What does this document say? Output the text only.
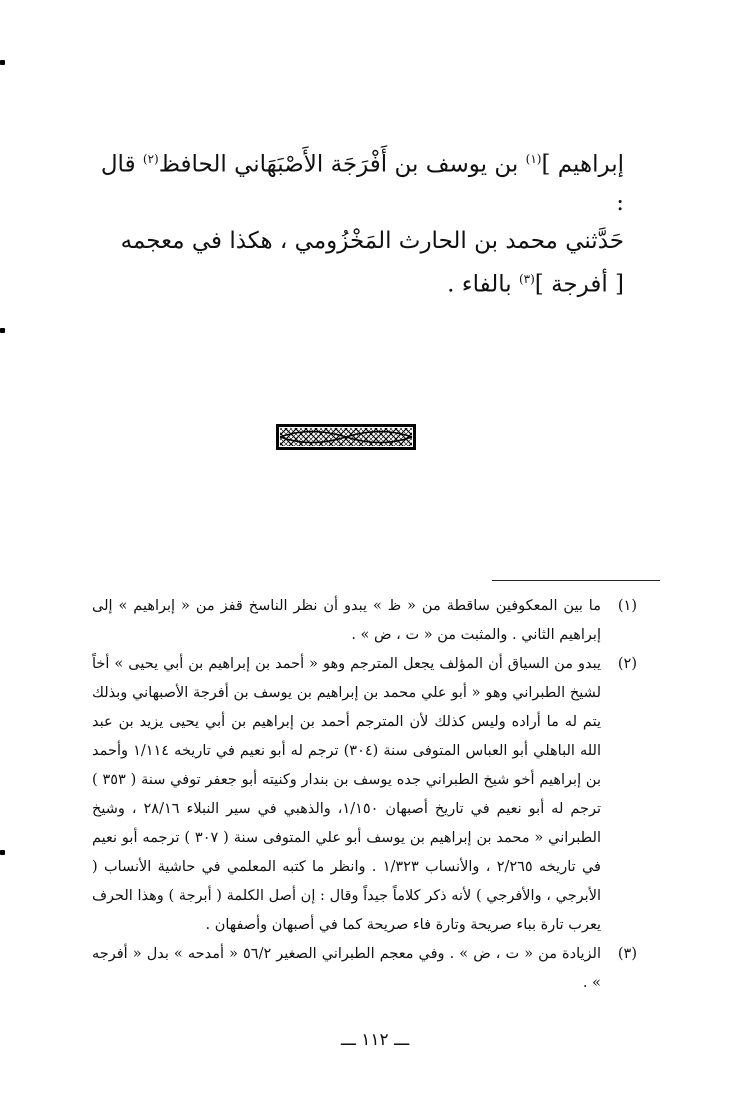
إبراهيم ]$^{(١)}$ بن يوسف بن أَفْرَجَة الأَصْبَهَاني الحافظ$^{(٢)}$ قال :

حَدَّثني محمد بن الحارث المَخْزُومي ، هكذا في معجمه

[ أفرجة ]$^{(٣)}$ بالفاء .

(١)
ما بين المعكوفين ساقطة من « ظ » يبدو أن نظر الناسخ قفز من « إبراهيم » إلى إبراهيم الثاني . والمثبت من « ت ، ض » .
(٢)
يبدو من السياق أن المؤلف يجعل المترجم وهو « أحمد بن إبراهيم بن أبي يحيى » أخاً لشيخ الطبراني وهو « أبو علي محمد بن إبراهيم بن يوسف بن أفرجة الأصبهاني وبذلك يتم له ما أراده وليس كذلك لأن المترجم أحمد بن إبراهيم بن أبي يحيى يزيد بن عبد الله الباهلي أبو العباس المتوفى سنة (٣٠٤) ترجم له أبو نعيم في تاريخه ١/١١٤ وأحمد بن إبراهيم أخو شيخ الطبراني جده يوسف بن بندار وكنيته أبو جعفر توفي سنة ( ٣٥٣ ) ترجم له أبو نعيم في تاريخ أصبهان ١/١٥٠، والذهبي في سير النبلاء ٢٨/١٦ ، وشيخ الطبراني « محمد بن إبراهيم بن يوسف أبو علي المتوفى سنة ( ٣٠٧ ) ترجمه أبو نعيم في تاريخه ٢/٢٦٥ ، والأنساب ١/٣٢٣ . وانظر ما كتبه المعلمي في حاشية الأنساب ( الأبرجي ، والأفرجي ) لأنه ذكر كلاماً جيداً وقال : إن أصل الكلمة ( أبرجة ) وهذا الحرف يعرب تارة بباء صريحة وتارة فاء صريحة كما في أصبهان وأصفهان .
(٣)
الزيادة من « ت ، ض » . وفي معجم الطبراني الصغير ٥٦/٢ « أمدحه » بدل « أفرجه » .
ـــ ١١٢ ـــ
